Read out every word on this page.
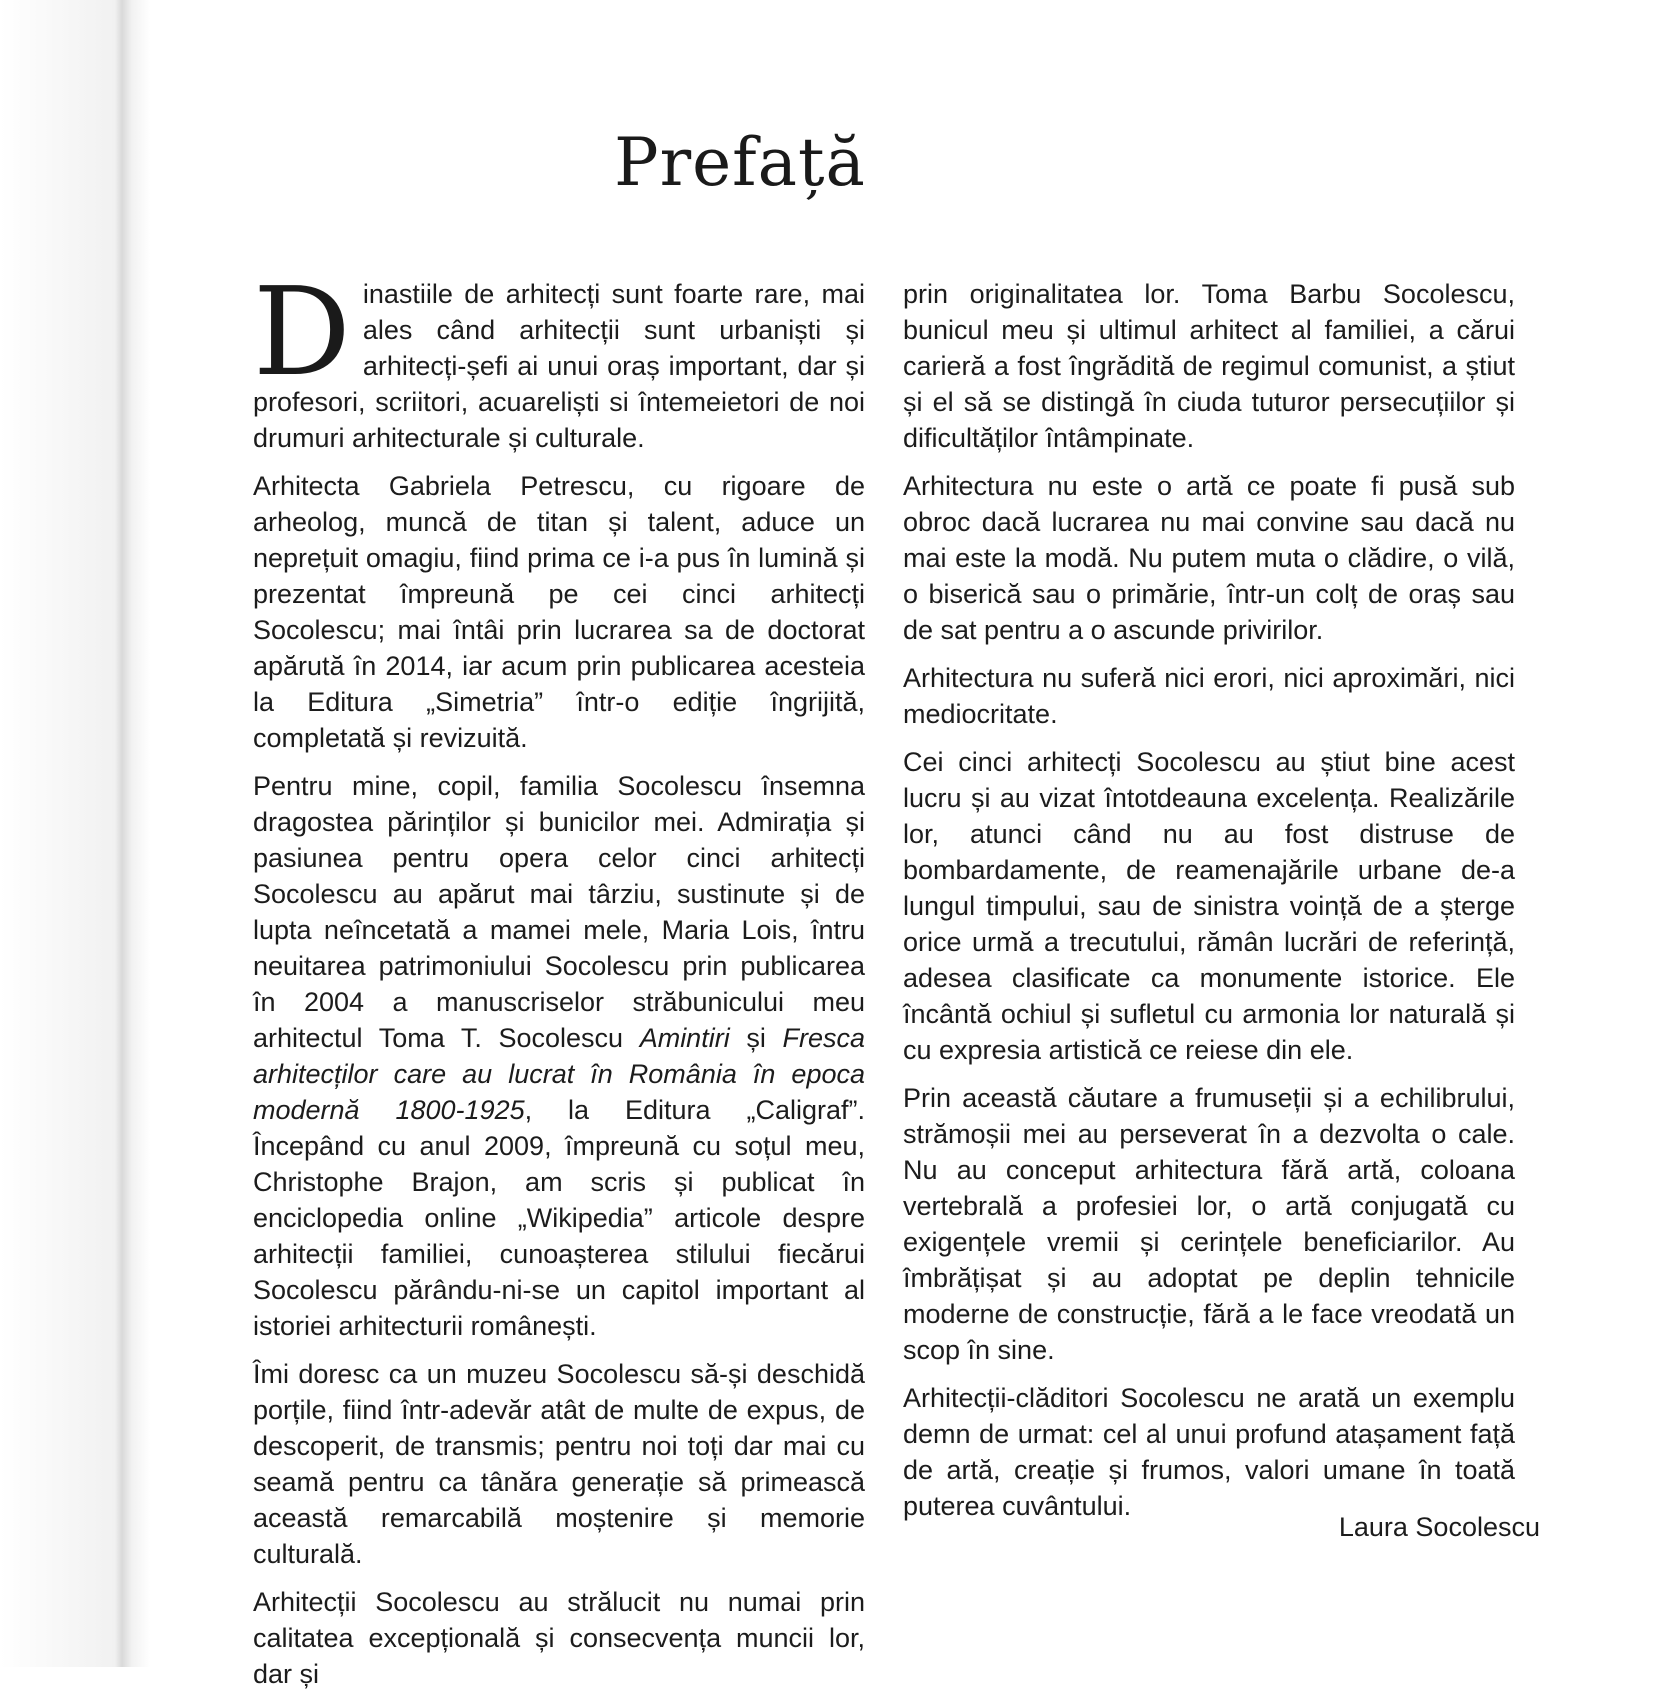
Prefață

Dinastiile de arhitecți sunt foarte rare, mai ales când arhitecții sunt urbaniști și arhitecți-șefi ai unui oraș important, dar și profesori, scriitori, acuareliști si întemeietori de noi drumuri arhitecturale și culturale.

Arhitecta Gabriela Petrescu, cu rigoare de arheolog, muncă de titan și talent, aduce un neprețuit omagiu, fiind prima ce i-a pus în lumină și prezentat împreună pe cei cinci arhitecți Socolescu; mai întâi prin lucrarea sa de doctorat apărută în 2014, iar acum prin publicarea acesteia la Editura „Simetria” într-o ediție îngrijită, completată și revizuită.

Pentru mine, copil, familia Socolescu însemna dragostea părinților și bunicilor mei. Admirația și pasiunea pentru opera celor cinci arhitecți Socolescu au apărut mai târziu, sustinute și de lupta neîncetată a mamei mele, Maria Lois, întru neuitarea patrimoniului Socolescu prin publicarea în 2004 a manuscriselor străbunicului meu arhitectul Toma T. Socolescu Amintiri și Fresca arhitecților care au lucrat în România în epoca modernă 1800-1925, la Editura „Caligraf”. Începând cu anul 2009, împreună cu soțul meu, Christophe Brajon, am scris și publicat în enciclopedia online „Wikipedia” articole despre arhitecții familiei, cunoașterea stilului fiecărui Socolescu părându-ni-se un capitol important al istoriei arhitecturii românești.

Îmi doresc ca un muzeu Socolescu să-și deschidă porțile, fiind într-adevăr atât de multe de expus, de descoperit, de transmis; pentru noi toți dar mai cu seamă pentru ca tânăra generație să primească această remarcabilă moștenire și memorie culturală.

Arhitecții Socolescu au strălucit nu numai prin calitatea excepțională și consecvența muncii lor, dar și

prin originalitatea lor. Toma Barbu Socolescu, bunicul meu și ultimul arhitect al familiei, a cărui carieră a fost îngrădită de regimul comunist, a știut și el să se distingă în ciuda tuturor persecuțiilor și dificultăților întâmpinate.

Arhitectura nu este o artă ce poate fi pusă sub obroc dacă lucrarea nu mai convine sau dacă nu mai este la modă. Nu putem muta o clădire, o vilă, o biserică sau o primărie, într-un colț de oraș sau de sat pentru a o ascunde privirilor.

Arhitectura nu suferă nici erori, nici aproximări, nici mediocritate.

Cei cinci arhitecți Socolescu au știut bine acest lucru și au vizat întotdeauna excelența. Realizările lor, atunci când nu au fost distruse de bombardamente, de reamenajările urbane de-a lungul timpului, sau de sinistra voință de a șterge orice urmă a trecutului, rămân lucrări de referință, adesea clasificate ca monumente istorice. Ele încântă ochiul și sufletul cu armonia lor naturală și cu expresia artistică ce reiese din ele.

Prin această căutare a frumuseții și a echilibrului, strămoșii mei au perseverat în a dezvolta o cale. Nu au conceput arhitectura fără artă, coloana vertebrală a profesiei lor, o artă conjugată cu exigențele vremii și cerințele beneficiarilor. Au îmbrățișat și au adoptat pe deplin tehnicile moderne de construcție, fără a le face vreodată un scop în sine.

Arhitecții-clăditori Socolescu ne arată un exemplu demn de urmat: cel al unui profund atașament față de artă, creație și frumos, valori umane în toată puterea cuvântului.

Laura Socolescu
